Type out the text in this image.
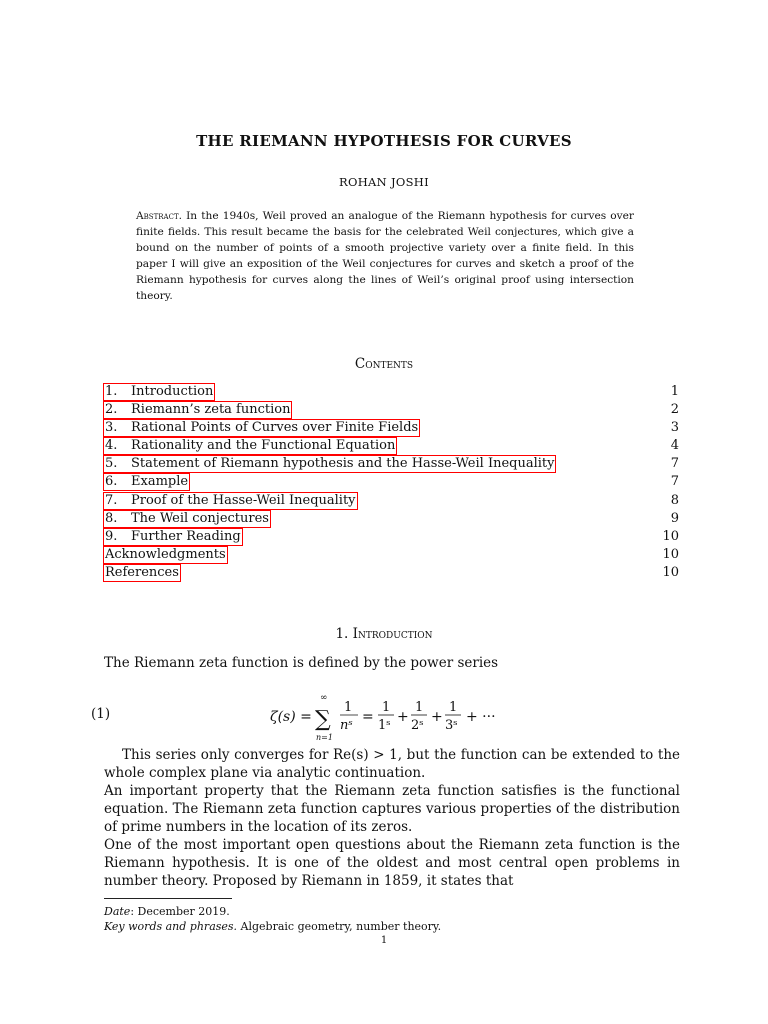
THE RIEMANN HYPOTHESIS FOR CURVES
ROHAN JOSHI
Abstract. In the 1940s, Weil proved an analogue of the Riemann hypothesis for curves over finite fields. This result became the basis for the celebrated Weil conjectures, which give a bound on the number of points of a smooth projective variety over a finite field. In this paper I will give an exposition of the Weil conjectures for curves and sketch a proof of the Riemann hypothesis for curves along the lines of Weil’s original proof using intersection theory.
Contents
1. Introduction	1
2. Riemann’s zeta function	2
3. Rational Points of Curves over Finite Fields	3
4. Rationality and the Functional Equation	4
5. Statement of Riemann hypothesis and the Hasse-Weil Inequality	7
6. Example	7
7. Proof of the Hasse-Weil Inequality	8
8. The Weil conjectures	9
9. Further Reading	10
Acknowledgments	10
References	10
1. Introduction
The Riemann zeta function is defined by the power series
(1)	ζ(s) =
∞
∑
n=1
1
nˢ
=
1
1ˢ
+
1
2ˢ
+
1
3ˢ
+ ···
This series only converges for Re(s) > 1, but the function can be extended to the whole complex plane via analytic continuation.
An important property that the Riemann zeta function satisfies is the functional equation. The Riemann zeta function captures various properties of the distribution of prime numbers in the location of its zeros.
One of the most important open questions about the Riemann zeta function is the Riemann hypothesis. It is one of the oldest and most central open problems in number theory. Proposed by Riemann in 1859, it states that
Date: December 2019.
Key words and phrases. Algebraic geometry, number theory.
1
